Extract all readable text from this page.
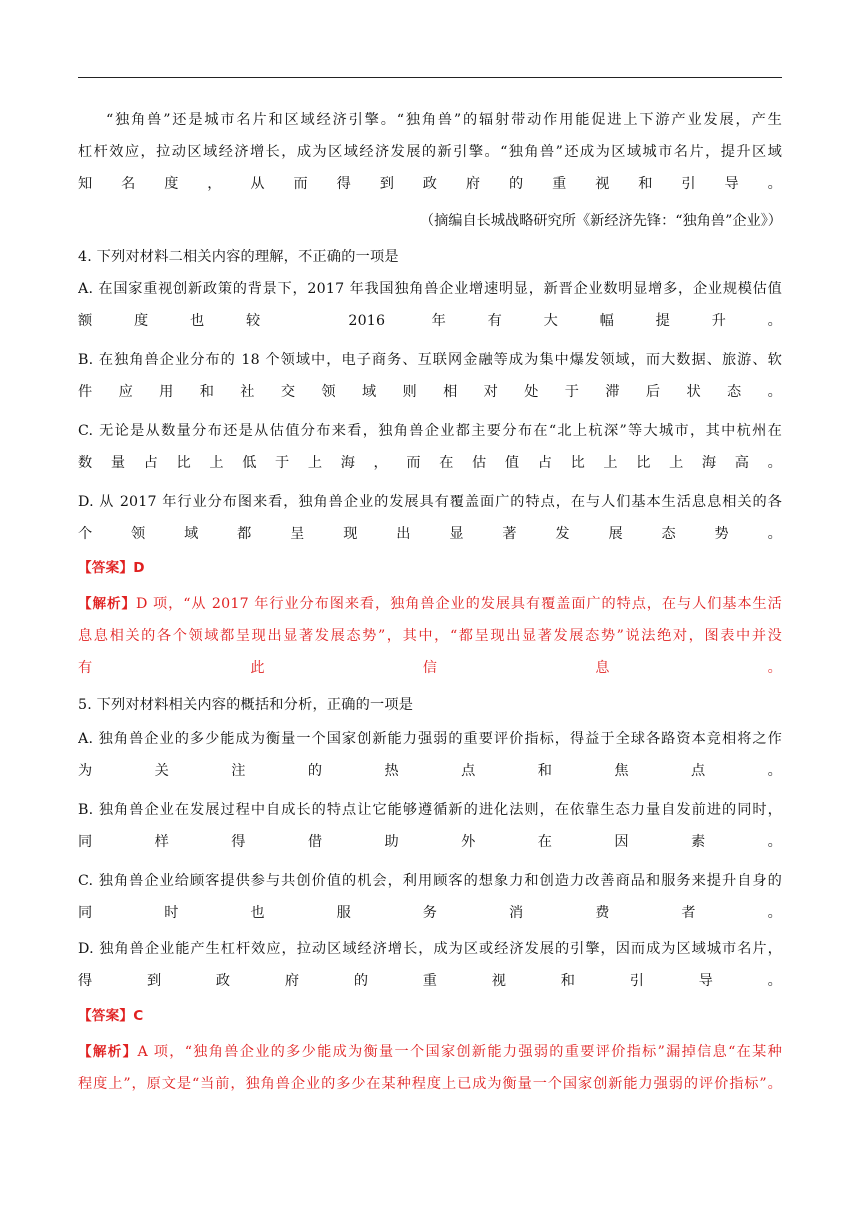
“独角兽”还是城市名片和区域经济引擎。“独角兽”的辐射带动作用能促进上下游产业发展，产生
杠杆效应，拉动区域经济增长，成为区域经济发展的新引擎。“独角兽”还成为区域城市名片，提升区域
知名度，从而得到政府的重视和引导。
（摘编自长城战略研究所《新经济先锋：“独角兽”企业》）
4. 下列对材料二相关内容的理解，不正确的一项是
A. 在国家重视创新政策的背景下，2017 年我国独角兽企业增速明显，新晋企业数明显增多，企业规模估值
额度也较 2016 年有大幅提升。
B. 在独角兽企业分布的 18 个领域中，电子商务、互联网金融等成为集中爆发领域，而大数据、旅游、软
件应用和社交领域则相对处于滞后状态。
C. 无论是从数量分布还是从估值分布来看，独角兽企业都主要分布在“北上杭深”等大城市，其中杭州在
数量占比上低于上海，而在估值占比上比上海高。
D. 从 2017 年行业分布图来看，独角兽企业的发展具有覆盖面广的特点，在与人们基本生活息息相关的各
个领域都呈现出显著发展态势。
【答案】D
【解析】D 项，“从 2017 年行业分布图来看，独角兽企业的发展具有覆盖面广的特点，在与人们基本生活
息息相关的各个领域都呈现出显著发展态势”，其中，“都呈现出显著发展态势”说法绝对，图表中并没
有此信息。
5. 下列对材料相关内容的概括和分析，正确的一项是
A. 独角兽企业的多少能成为衡量一个国家创新能力强弱的重要评价指标，得益于全球各路资本竞相将之作
为关注的热点和焦点。
B. 独角兽企业在发展过程中自成长的特点让它能够遵循新的进化法则，在依靠生态力量自发前进的同时，
同样得借助外在因素。
C. 独角兽企业给顾客提供参与共创价值的机会，利用顾客的想象力和创造力改善商品和服务来提升自身的
同时也服务消费者。
D. 独角兽企业能产生杠杆效应，拉动区域经济增长，成为区或经济发展的引擎，因而成为区域城市名片，
得到政府的重视和引导。
【答案】C
【解析】A 项，“独角兽企业的多少能成为衡量一个国家创新能力强弱的重要评价指标”漏掉信息“在某种
程度上”，原文是“当前，独角兽企业的多少在某种程度上已成为衡量一个国家创新能力强弱的评价指标”。
